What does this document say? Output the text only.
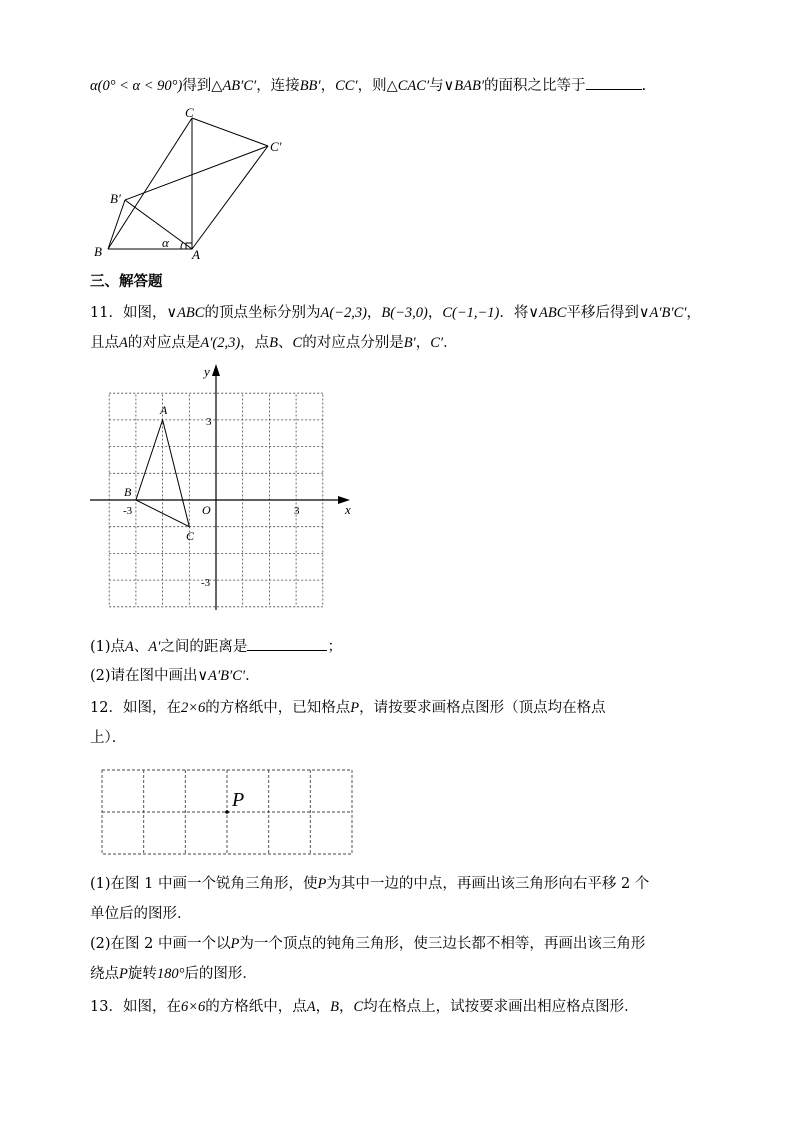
α(0° < α < 90°)得到△AB′C′，连接BB′，CC′，则△CAC′与∨BAB′的面积之比等于	.
C
C′
B′
B	A
α
三、解答题
11．如图，∨ABC的顶点坐标分别为A(−2,3)，B(−3,0)，C(−1,−1)．将∨ABC平移后得到∨A′B′C′，
且点A的对应点是A′(2,3)，点B、C的对应点分别是B′，C′．
y
x
O
A
B
C
3
-3
3
-3
(1)点A、A′之间的距离是	；
(2)请在图中画出∨A′B′C′．
12．如图，在2×6的方格纸中，已知格点P，请按要求画格点图形（顶点均在格点
上）．
P
(1)在图 1 中画一个锐角三角形，使P为其中一边的中点，再画出该三角形向右平移 2 个
单位后的图形．
(2)在图 2 中画一个以P为一个顶点的钝角三角形，使三边长都不相等，再画出该三角形
绕点P旋转180°后的图形．
13．如图，在6×6的方格纸中，点A，B，C均在格点上，试按要求画出相应格点图形．
